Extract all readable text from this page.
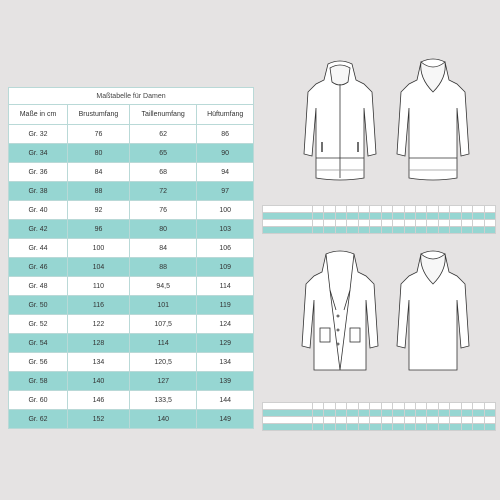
Maßtabelle für Damen			
Maße in cm	Brustumfang	Taillenumfang	Hüftumfang
Gr. 32	76	62	86
Gr. 34	80	65	90
Gr. 36	84	68	94
Gr. 38	88	72	97
Gr. 40	92	76	100
Gr. 42	96	80	103
Gr. 44	100	84	106
Gr. 46	104	88	109
Gr. 48	110	94,5	114
Gr. 50	116	101	119
Gr. 52	122	107,5	124
Gr. 54	128	114	129
Gr. 56	134	120,5	134
Gr. 58	140	127	139
Gr. 60	146	133,5	144
Gr. 62	152	140	149
